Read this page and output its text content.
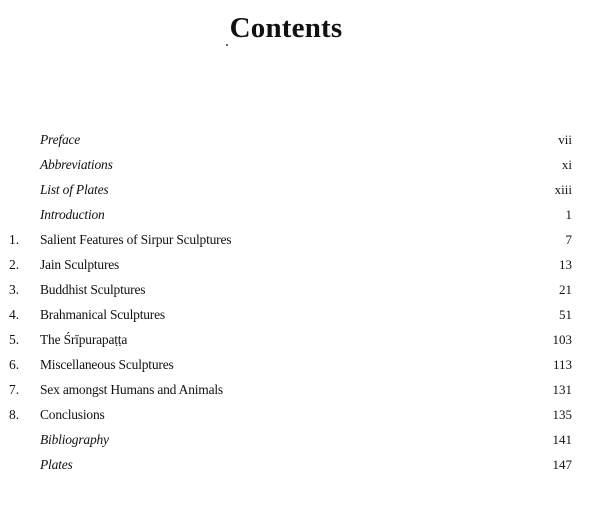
Contents
Preface	vii
Abbreviations	xi
List of Plates	xiii
Introduction	1
1.	Salient Features of Sirpur Sculptures	7
2.	Jain Sculptures	13
3.	Buddhist Sculptures	21
4.	Brahmanical Sculptures	51
5.	The Śrīpurapaṭṭa	103
6.	Miscellaneous Sculptures	113
7.	Sex amongst Humans and Animals	131
8.	Conclusions	135
Bibliography	141
Plates	147
